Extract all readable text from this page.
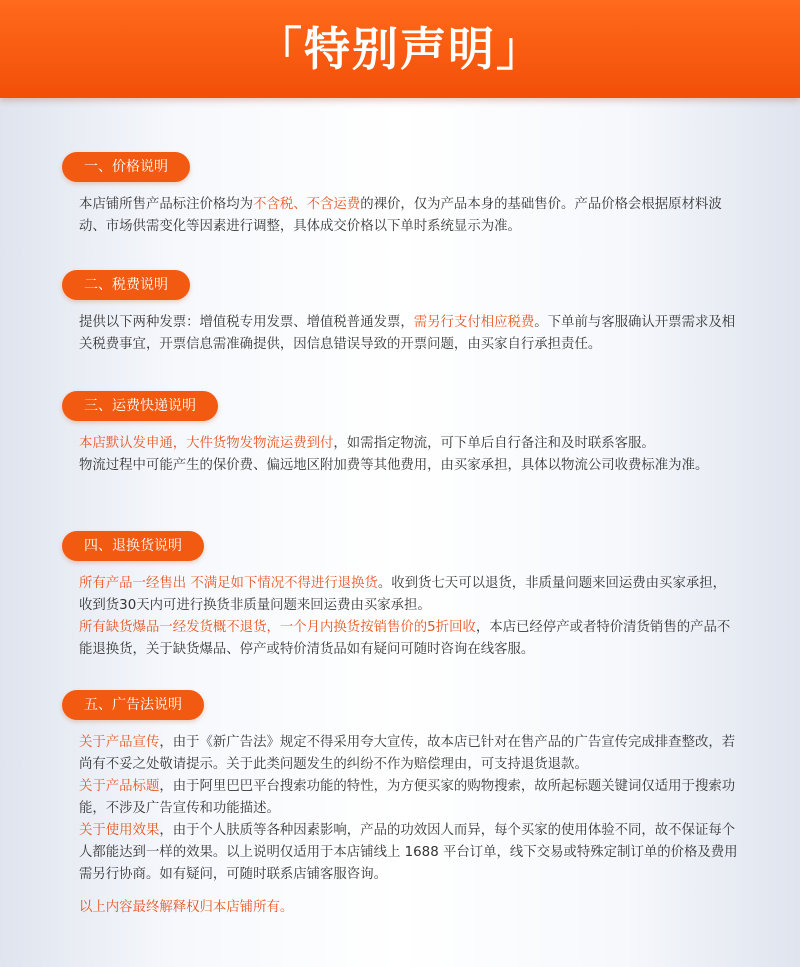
「特别声明」
一、价格说明
本店铺所售产品标注价格均为不含税、不含运费的裸价，仅为产品本身的基础售价。产品价格会根据原材料波动、市场供需变化等因素进行调整，具体成交价格以下单时系统显示为准。
二、税费说明
提供以下两种发票：增值税专用发票、增值税普通发票，需另行支付相应税费。下单前与客服确认开票需求及相关税费事宜，开票信息需准确提供，因信息错误导致的开票问题，由买家自行承担责任。
三、运费快递说明
本店默认发申通，大件货物发物流运费到付，如需指定物流，可下单后自行备注和及时联系客服。
物流过程中可能产生的保价费、偏远地区附加费等其他费用，由买家承担，具体以物流公司收费标准为准。
四、退换货说明
所有产品一经售出 不满足如下情况不得进行退换货。收到货七天可以退货，非质量问题来回运费由买家承担，收到货30天内可进行换货非质量问题来回运费由买家承担。
所有缺货爆品一经发货概不退货，一个月内换货按销售价的5折回收，本店已经停产或者特价清货销售的产品不能退换货，关于缺货爆品、停产或特价清货品如有疑问可随时咨询在线客服。
五、广告法说明
关于产品宣传，由于《新广告法》规定不得采用夸大宣传，故本店已针对在售产品的广告宣传完成排查整改，若尚有不妥之处敬请提示。关于此类问题发生的纠纷不作为赔偿理由，可支持退货退款。
关于产品标题，由于阿里巴巴平台搜索功能的特性，为方便买家的购物搜索，故所起标题关键词仅适用于搜索功能，不涉及广告宣传和功能描述。
关于使用效果，由于个人肤质等各种因素影响，产品的功效因人而异，每个买家的使用体验不同，故不保证每个人都能达到一样的效果。以上说明仅适用于本店铺线上 1688 平台订单，线下交易或特殊定制订单的价格及费用需另行协商。如有疑问，可随时联系店铺客服咨询。
以上内容最终解释权归本店铺所有。
